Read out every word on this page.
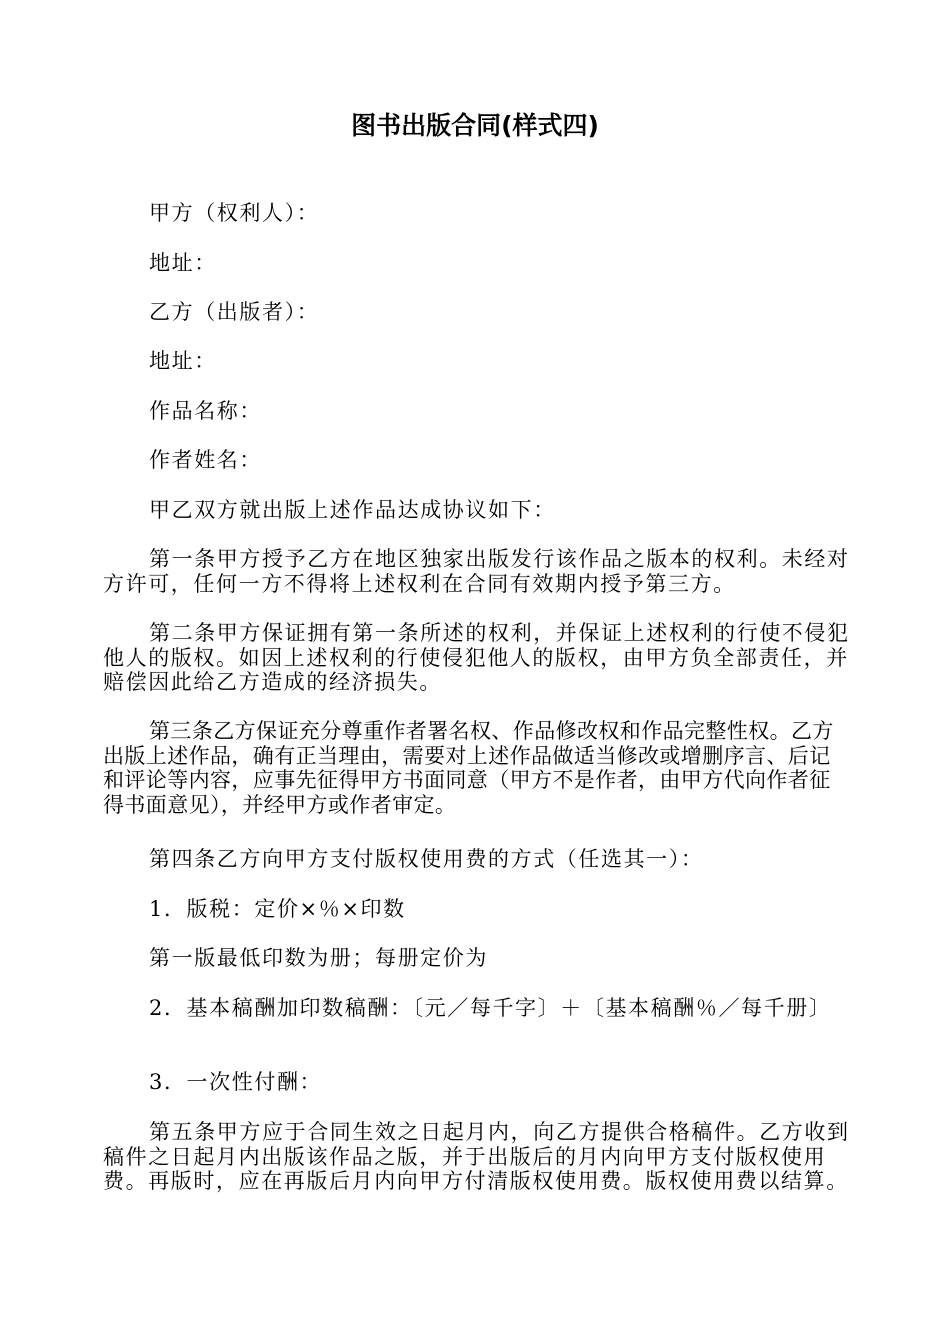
图书出版合同(样式四)
甲方（权利人）：
地址：
乙方（出版者）：
地址：
作品名称：
作者姓名：
甲乙双方就出版上述作品达成协议如下：
第一条甲方授予乙方在地区独家出版发行该作品之版本的权利。未经对方许可，任何一方不得将上述权利在合同有效期内授予第三方。
第二条甲方保证拥有第一条所述的权利，并保证上述权利的行使不侵犯他人的版权。如因上述权利的行使侵犯他人的版权，由甲方负全部责任，并赔偿因此给乙方造成的经济损失。
第三条乙方保证充分尊重作者署名权、作品修改权和作品完整性权。乙方出版上述作品，确有正当理由，需要对上述作品做适当修改或增删序言、后记和评论等内容，应事先征得甲方书面同意（甲方不是作者，由甲方代向作者征得书面意见），并经甲方或作者审定。
第四条乙方向甲方支付版权使用费的方式（任选其一）：
1．版税：定价×％×印数
第一版最低印数为册；每册定价为
2．基本稿酬加印数稿酬：〔元／每千字〕＋〔基本稿酬％／每千册〕
3．一次性付酬：
第五条甲方应于合同生效之日起月内，向乙方提供合格稿件。乙方收到稿件之日起月内出版该作品之版，并于出版后的月内向甲方支付版权使用费。再版时，应在再版后月内向甲方付清版权使用费。版权使用费以结算。
